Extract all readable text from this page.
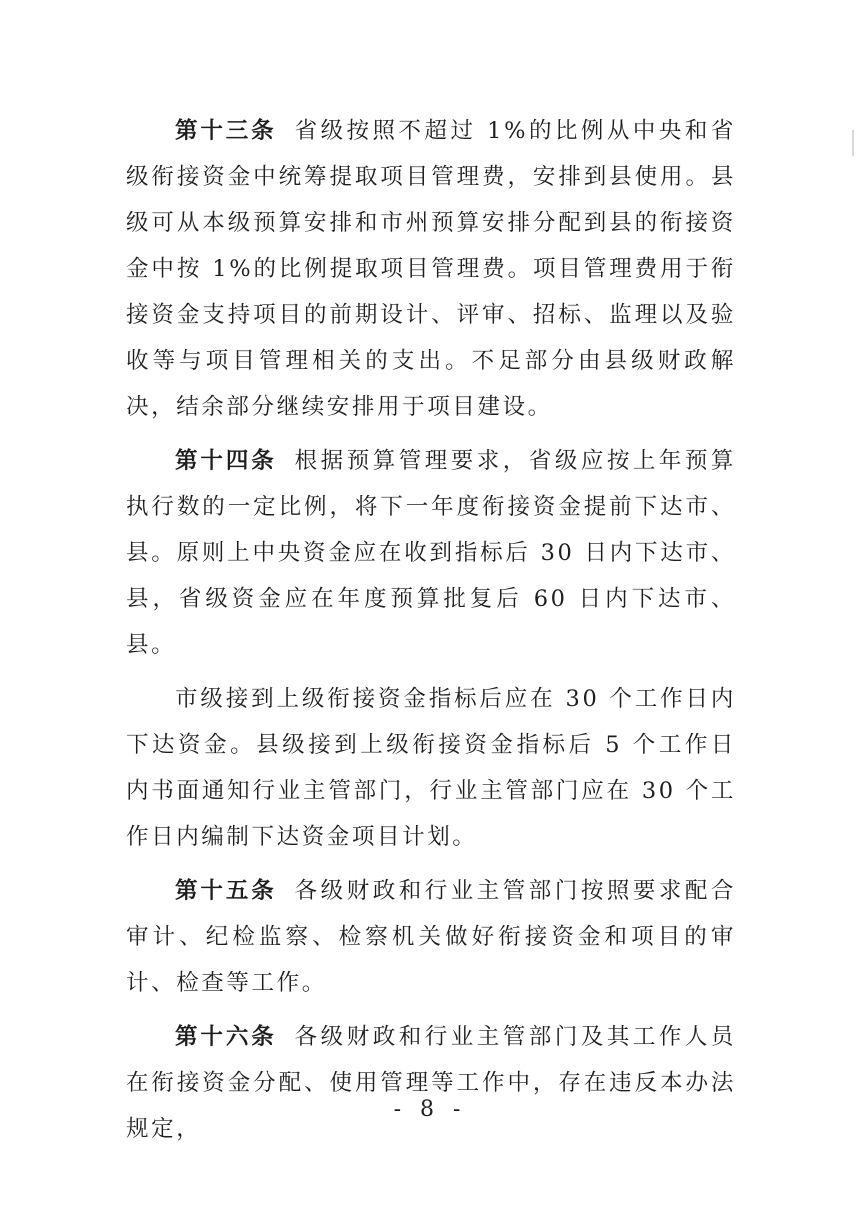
第十三条 省级按照不超过 1%的比例从中央和省级衔接资金中统筹提取项目管理费，安排到县使用。县级可从本级预算安排和市州预算安排分配到县的衔接资金中按 1%的比例提取项目管理费。项目管理费用于衔接资金支持项目的前期设计、评审、招标、监理以及验收等与项目管理相关的支出。不足部分由县级财政解决，结余部分继续安排用于项目建设。

第十四条 根据预算管理要求，省级应按上年预算执行数的一定比例，将下一年度衔接资金提前下达市、县。原则上中央资金应在收到指标后 30 日内下达市、县，省级资金应在年度预算批复后 60 日内下达市、县。

市级接到上级衔接资金指标后应在 30 个工作日内下达资金。县级接到上级衔接资金指标后 5 个工作日内书面通知行业主管部门，行业主管部门应在 30 个工作日内编制下达资金项目计划。

第十五条 各级财政和行业主管部门按照要求配合审计、纪检监察、检察机关做好衔接资金和项目的审计、检查等工作。

第十六条 各级财政和行业主管部门及其工作人员在衔接资金分配、使用管理等工作中，存在违反本办法规定，

- 8 -
